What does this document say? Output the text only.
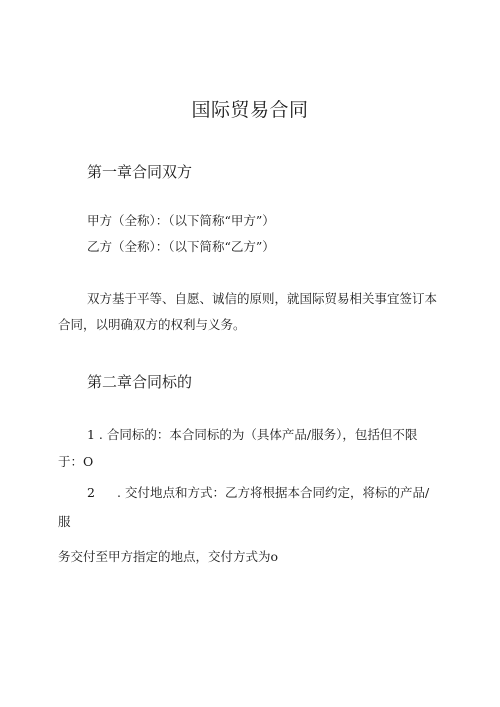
国际贸易合同
第一章合同双方
甲方（全称）：（以下简称“甲方”）
乙方（全称）：（以下简称“乙方”）
双方基于平等、自愿、诚信的原则，就国际贸易相关事宜签订本
合同，以明确双方的权利与义务。
第二章合同标的
1 . 合同标的：本合同标的为（具体产品/服务），包括但不限
于：O
2 . 交付地点和方式：乙方将根据本合同约定，将标的产品/
服
务交付至甲方指定的地点，交付方式为o
